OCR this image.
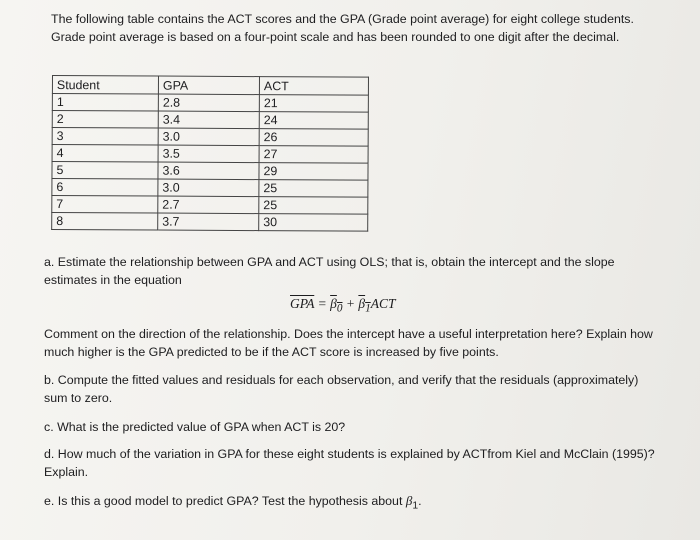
The following table contains the ACT scores and the GPA (Grade point average) for eight college students. Grade point average is based on a four-point scale and has been rounded to one digit after the decimal.
Student	GPA	ACT
1	2.8	21
2	3.4	24
3	3.0	26
4	3.5	27
5	3.6	29
6	3.0	25
7	2.7	25
8	3.7	30
a. Estimate the relationship between GPA and ACT using OLS; that is, obtain the intercept and the slope estimates in the equation
$\overline{GPA} = \beta_0 + \beta_1ACT$
Comment on the direction of the relationship. Does the intercept have a useful interpretation here? Explain how much higher is the GPA predicted to be if the ACT score is increased by five points.
b. Compute the fitted values and residuals for each observation, and verify that the residuals (approximately) sum to zero.
c. What is the predicted value of GPA when ACT is 20?
d. How much of the variation in GPA for these eight students is explained by ACTfrom Kiel and McClain (1995)? Explain.
e. Is this a good model to predict GPA? Test the hypothesis about $\beta_1$.
